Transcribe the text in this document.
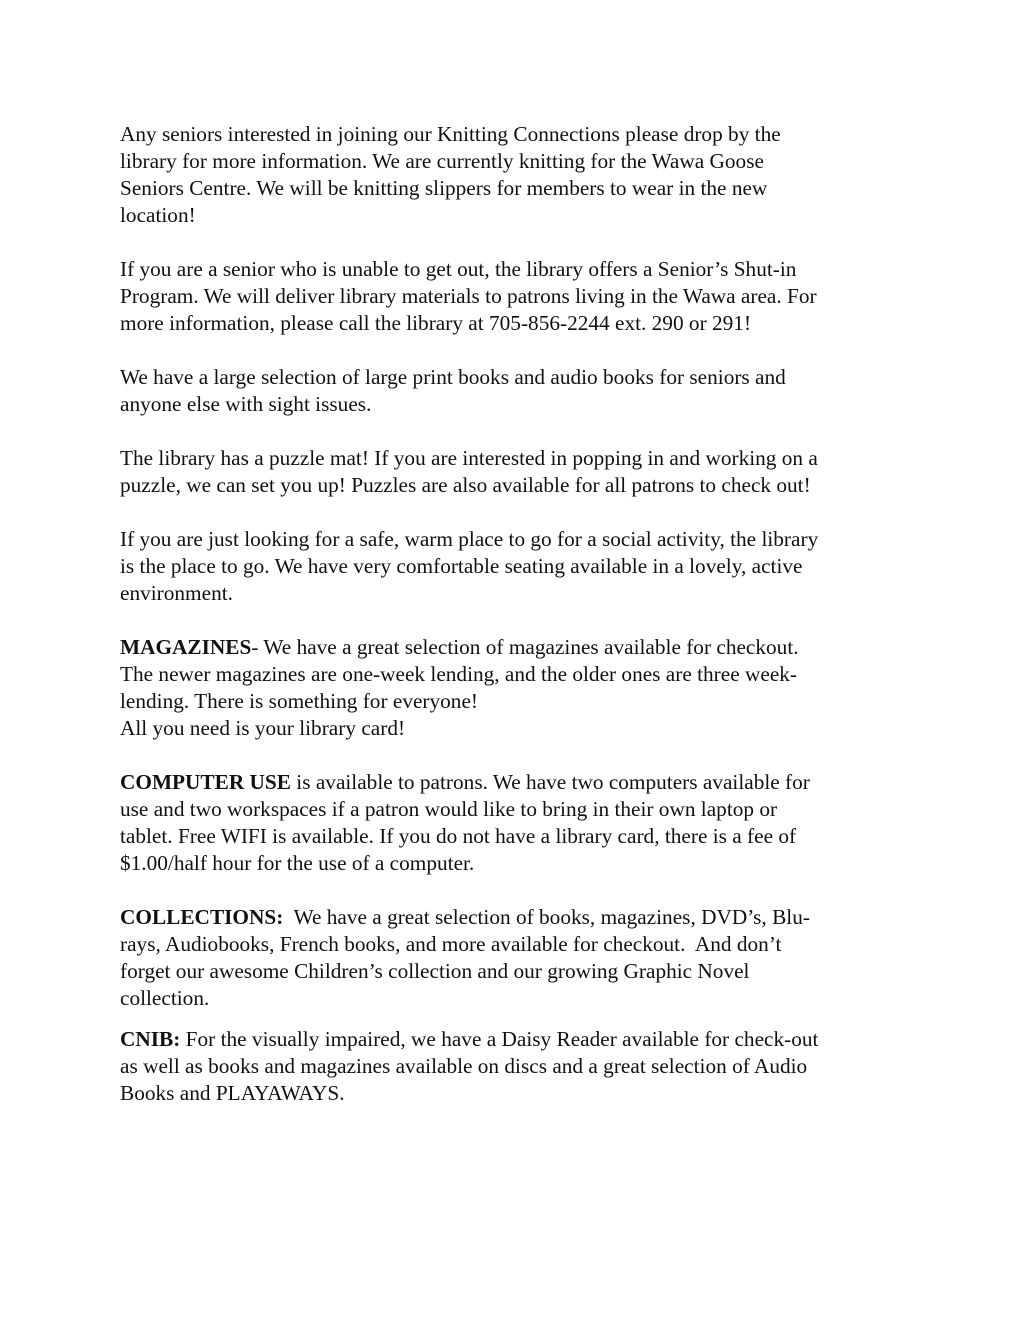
Any seniors interested in joining our Knitting Connections please drop by the
library for more information. We are currently knitting for the Wawa Goose
Seniors Centre. We will be knitting slippers for members to wear in the new
location!

If you are a senior who is unable to get out, the library offers a Senior’s Shut-in
Program. We will deliver library materials to patrons living in the Wawa area. For
more information, please call the library at 705-856-2244 ext. 290 or 291!

We have a large selection of large print books and audio books for seniors and
anyone else with sight issues.

The library has a puzzle mat! If you are interested in popping in and working on a
puzzle, we can set you up! Puzzles are also available for all patrons to check out!

If you are just looking for a safe, warm place to go for a social activity, the library
is the place to go. We have very comfortable seating available in a lovely, active
environment.

MAGAZINES- We have a great selection of magazines available for checkout.
The newer magazines are one-week lending, and the older ones are three week-
lending. There is something for everyone!
All you need is your library card!

COMPUTER USE is available to patrons. We have two computers available for
use and two workspaces if a patron would like to bring in their own laptop or
tablet. Free WIFI is available. If you do not have a library card, there is a fee of
$1.00/half hour for the use of a computer.

COLLECTIONS:  We have a great selection of books, magazines, DVD’s, Blu-
rays, Audiobooks, French books, and more available for checkout.  And don’t
forget our awesome Children’s collection and our growing Graphic Novel
collection.

CNIB: For the visually impaired, we have a Daisy Reader available for check-out
as well as books and magazines available on discs and a great selection of Audio
Books and PLAYAWAYS.
